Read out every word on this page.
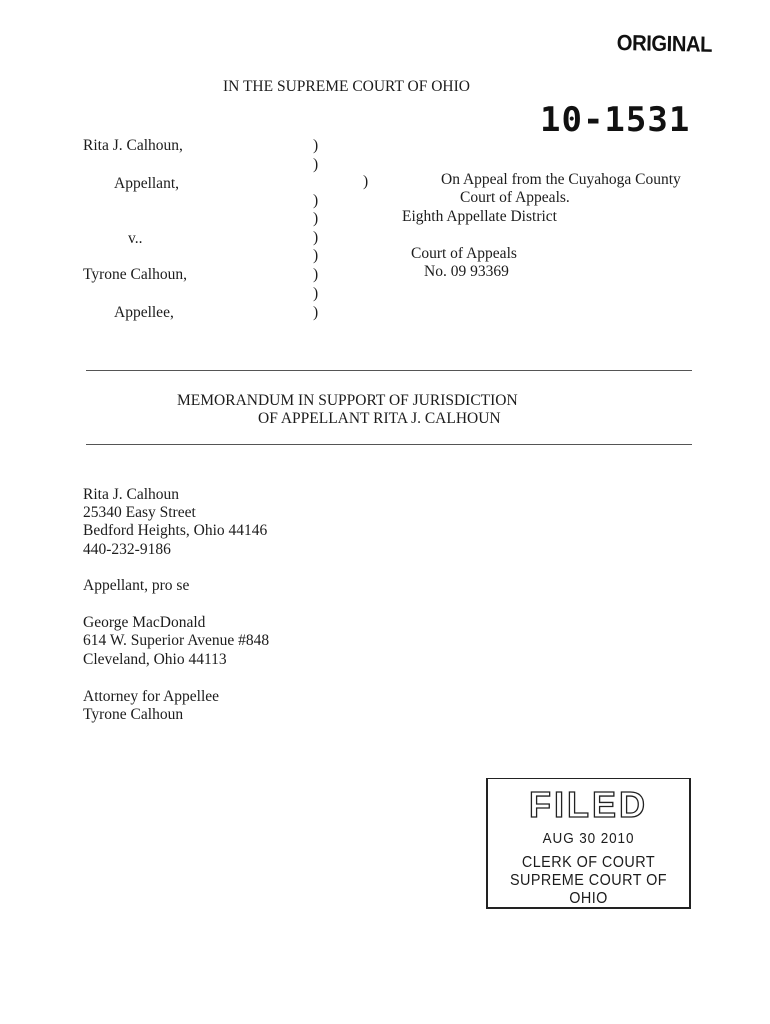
ORIGINAL
IN THE SUPREME COURT OF OHIO
10-1531
Rita J. Calhoun,
Appellant,
v..
Tyrone Calhoun,
Appellee,
)
)
)
)
)
)
)
)
)
)	On Appeal from the Cuyahoga County
Court of Appeals.
Eighth Appellate District
Court of Appeals
No. 09 93369
MEMORANDUM IN SUPPORT OF JURISDICTION
OF APPELLANT RITA J. CALHOUN
Rita J. Calhoun
25340 Easy Street
Bedford Heights, Ohio 44146
440-232-9186
Appellant, pro se
George MacDonald
614 W. Superior Avenue #848
Cleveland, Ohio 44113
Attorney for Appellee
Tyrone Calhoun
FILED
AUG 30 2010
CLERK OF COURT
SUPREME COURT OF OHIO
